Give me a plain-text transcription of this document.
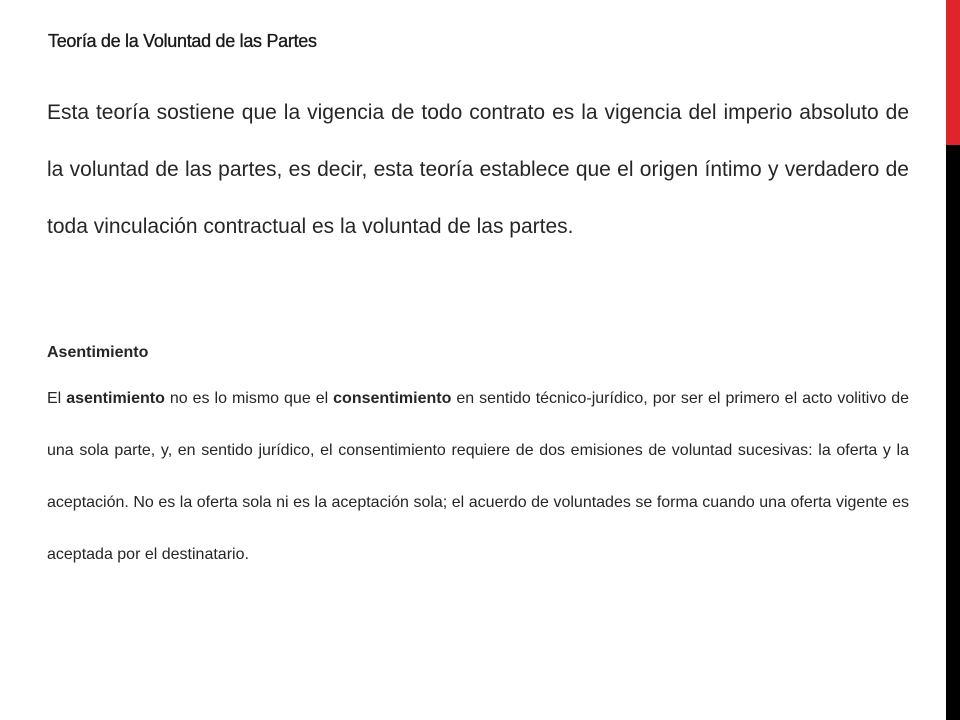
Teoría de la Voluntad de las Partes

Esta teoría sostiene que la vigencia de todo contrato es la vigencia del imperio absoluto de la voluntad de las partes, es decir, esta teoría establece que el origen íntimo y verdadero de toda vinculación contractual es la voluntad de las partes.

Asentimiento

El asentimiento no es lo mismo que el consentimiento en sentido técnico-jurídico, por ser el primero el acto volitivo de una sola parte, y, en sentido jurídico, el consentimiento requiere de dos emisiones de voluntad sucesivas: la oferta y la aceptación. No es la oferta sola ni es la aceptación sola; el acuerdo de voluntades se forma cuando una oferta vigente es aceptada por el destinatario.
